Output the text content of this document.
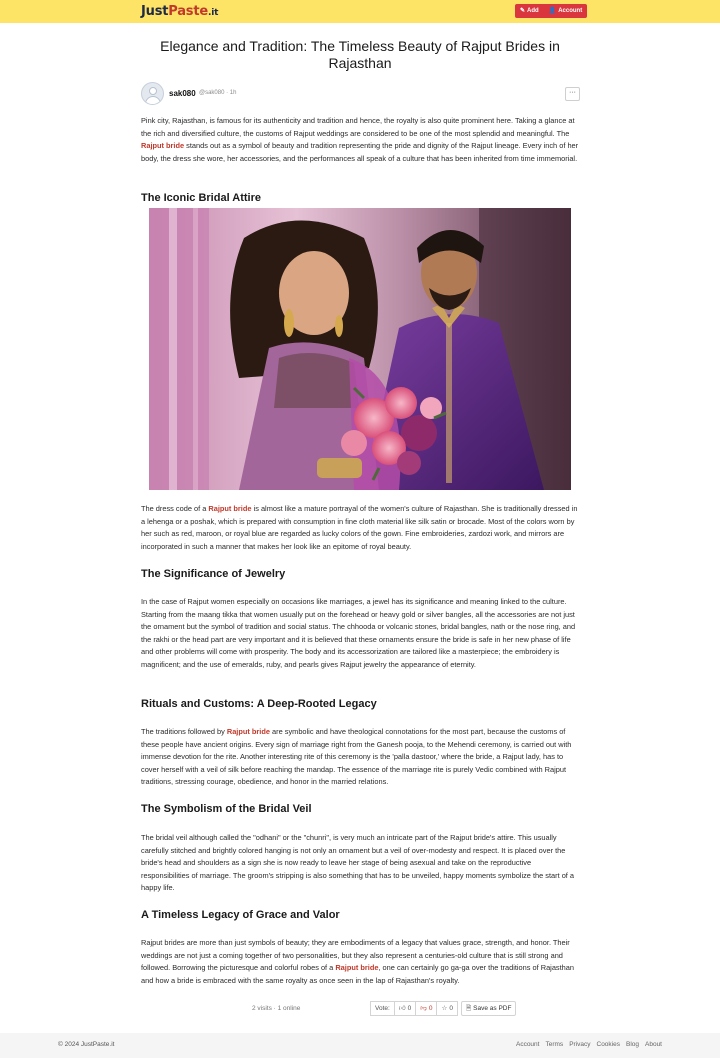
JustPaste.it	✎ Add 👤 Account
Elegance and Tradition: The Timeless Beauty of Rajput Brides in Rajasthan
sak080 @sak080 · 1h	···

Pink city, Rajasthan, is famous for its authenticity and tradition and hence, the royalty is also quite prominent here. Taking a glance at the rich and diversified culture, the customs of Rajput weddings are considered to be one of the most splendid and meaningful. The Rajput bride stands out as a symbol of beauty and tradition representing the pride and dignity of the Rajput lineage. Every inch of her body, the dress she wore, her accessories, and the performances all speak of a culture that has been inherited from time immemorial.

The Iconic Bridal Attire

The dress code of a Rajput bride is almost like a mature portrayal of the women's culture of Rajasthan. She is traditionally dressed in a lehenga or a poshak, which is prepared with consumption in fine cloth material like silk satin or brocade. Most of the colors worn by her such as red, maroon, or royal blue are regarded as lucky colors of the gown. Fine embroideries, zardozi work, and mirrors are incorporated in such a manner that makes her look like an epitome of royal beauty.

The Significance of Jewelry

In the case of Rajput women especially on occasions like marriages, a jewel has its significance and meaning linked to the culture. Starting from the maang tikka that women usually put on the forehead or heavy gold or silver bangles, all the accessories are not just the ornament but the symbol of tradition and social status. The chhooda or volcanic stones, bridal bangles, nath or the nose ring, and the rakhi or the head part are very important and it is believed that these ornaments ensure the bride is safe in her new phase of life and other problems will come with prosperity. The body and its accessorization are tailored like a masterpiece; the embroidery is magnificent; and the use of emeralds, ruby, and pearls gives Rajput jewelry the appearance of eternity.

Rituals and Customs: A Deep-Rooted Legacy

The traditions followed by Rajput bride are symbolic and have theological connotations for the most part, because the customs of these people have ancient origins. Every sign of marriage right from the Ganesh pooja, to the Mehendi ceremony, is carried out with immense devotion for the rite. Another interesting rite of this ceremony is the 'palla dastoor,' where the bride, a Rajput lady, has to cover herself with a veil of silk before reaching the mandap. The essence of the marriage rite is purely Vedic combined with Rajput traditions, stressing courage, obedience, and honor in the married relations.

The Symbolism of the Bridal Veil

The bridal veil although called the "odhani" or the "chunri", is very much an intricate part of the Rajput bride's attire. This usually carefully stitched and brightly colored hanging is not only an ornament but a veil of over-modesty and respect. It is placed over the bride's head and shoulders as a sign she is now ready to leave her stage of being asexual and take on the reproductive responsibilities of marriage. The groom's stripping is also something that has to be unveiled, happy moments symbolize the start of a happy life.

A Timeless Legacy of Grace and Valor

Rajput brides are more than just symbols of beauty; they are embodiments of a legacy that values grace, strength, and honor. Their weddings are not just a coming together of two personalities, but they also represent a centuries-old culture that is still strong and followed. Borrowing the picturesque and colorful robes of a Rajput bride, one can certainly go ga-ga over the traditions of Rajasthan and how a bride is embraced with the same royalty as once seen in the lap of Rajasthan's royalty.

2 visits · 1 online	Vote:	👍︎ 0 👎︎ 0 ☆ 0 🗎 Save as PDF
© 2024 JustPaste.it	Account Terms Privacy Cookies Blog About
